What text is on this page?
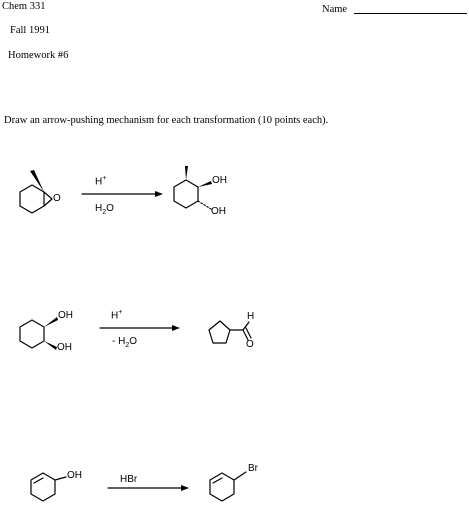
Chem 331
Fall 1991
Homework #6
Name
Draw an arrow-pushing mechanism for each transformation (10 points each).
O
H+
$H_2O$
OH
OH
OH
OH
H+
- $H_2O$
H
O
OH	HBr
Br
